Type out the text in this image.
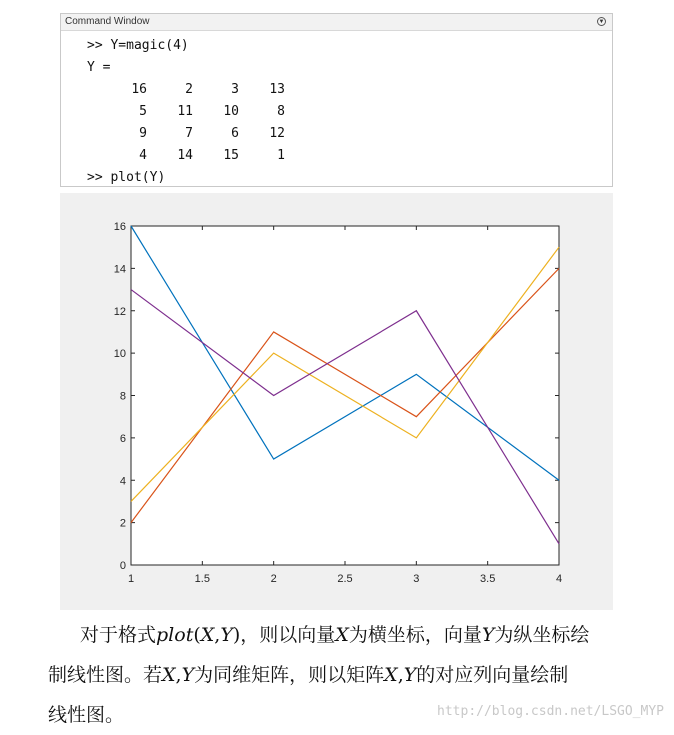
Command Window	▼
>> Y=magic(4)
Y =
16	2	3	13
5	11	10	8
9	7	6	12
4	14	15	1
>> plot(Y)
1	1.5	2	2.5	3	3.5	4
0
2
4
6
8
10
12
14
16
对于格式plot(X,Y)，则以向量X为横坐标，向量Y为纵坐标绘
制线性图。若X,Y为同维矩阵，则以矩阵X,Y的对应列向量绘制
线性图。	http://blog.csdn.net/LSGO_MYP
